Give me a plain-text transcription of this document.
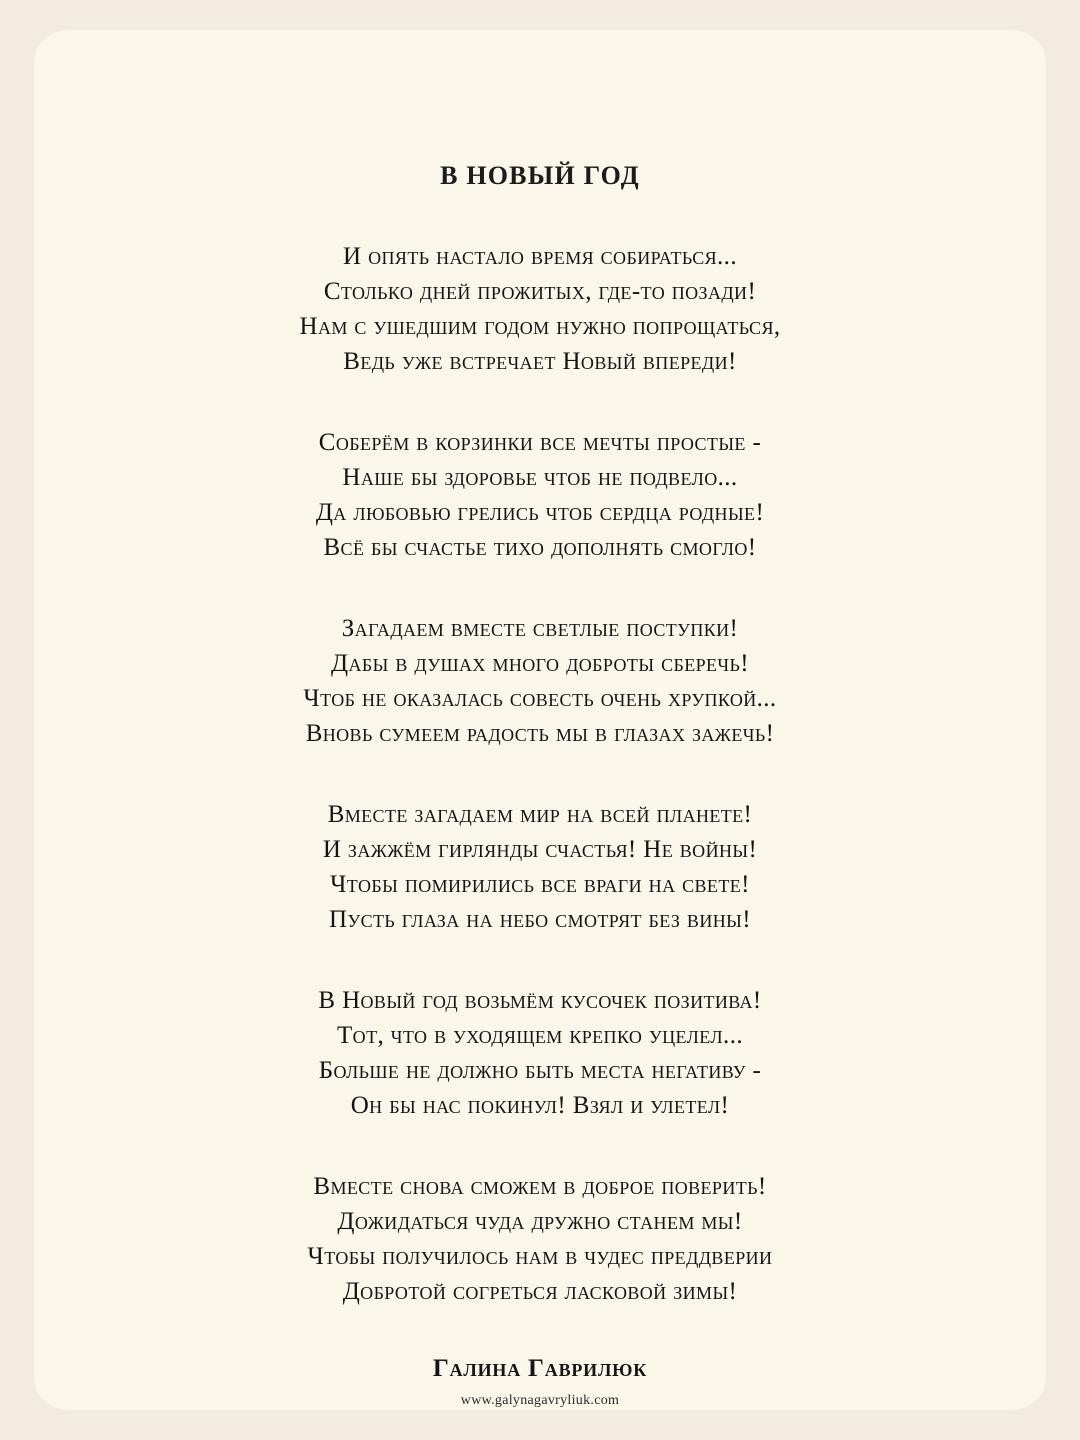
В НОВЫЙ ГОД
И опять настало время собираться...
Столько дней прожитых, где-то позади!
Нам с ушедшим годом нужно попрощаться,
Ведь уже встречает Новый впереди!
Соберём в корзинки все мечты простые -
Наше бы здоровье чтоб не подвело...
Да любовью грелись чтоб сердца родные!
Всё бы счастье тихо дополнять смогло!
Загадаем вместе светлые поступки!
Дабы в душах много доброты сберечь!
Чтоб не оказалась совесть очень хрупкой...
Вновь сумеем радость мы в глазах зажечь!
Вместе загадаем мир на всей планете!
И зажжём гирлянды счастья! Не войны!
Чтобы помирились все враги на свете!
Пусть глаза на небо смотрят без вины!
В Новый год возьмём кусочек позитива!
Тот, что в уходящем крепко уцелел...
Больше не должно быть места негативу -
Он бы нас покинул! Взял и улетел!
Вместе снова сможем в доброе поверить!
Дожидаться чуда дружно станем мы!
Чтобы получилось нам в чудес преддверии
Добротой согреться ласковой зимы!
Галина Гаврилюк
www.galynagavryliuk.com
